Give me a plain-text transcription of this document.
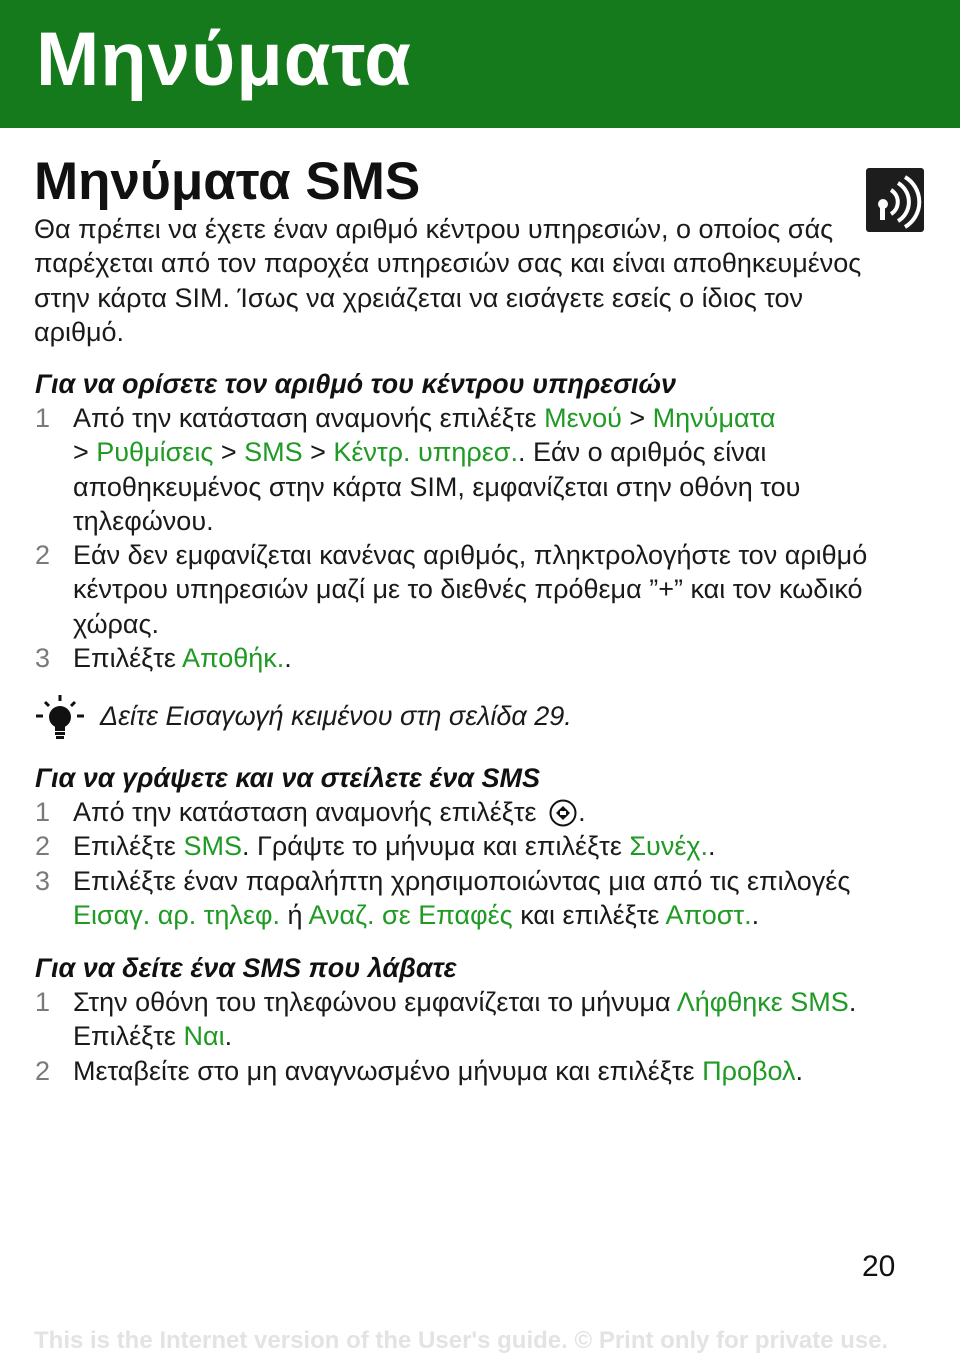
Μηνύματα
Μηνύματα SMS

Θα πρέπει να έχετε έναν αριθμό κέντρου υπηρεσιών, ο οποίος σάς παρέχεται από τον παροχέα υπηρεσιών σας και είναι αποθηκευμένος στην κάρτα SIM. Ίσως να χρειάζεται να εισάγετε εσείς ο ίδιος τον αριθμό.

Για να ορίσετε τον αριθμό του κέντρου υπηρεσιών
1 Από την κατάσταση αναμονής επιλέξτε Μενού > Μηνύματα
> Ρυθμίσεις > SMS > Κέντρ. υπηρεσ.. Εάν ο αριθμός είναι αποθηκευμένος στην κάρτα SIM, εμφανίζεται στην οθόνη του τηλεφώνου.
2 Εάν δεν εμφανίζεται κανένας αριθμός, πληκτρολογήστε τον αριθμό κέντρου υπηρεσιών μαζί με το διεθνές πρόθεμα ”+” και τον κωδικό χώρας.
3 Επιλέξτε Αποθήκ..

Δείτε Εισαγωγή κειμένου στη σελίδα 29.

Για να γράψετε και να στείλετε ένα SMS
1 Από την κατάσταση αναμονής επιλέξτε .
2 Επιλέξτε SMS. Γράψτε το μήνυμα και επιλέξτε Συνέχ..
3 Επιλέξτε έναν παραλήπτη χρησιμοποιώντας μια από τις επιλογές Εισαγ. αρ. τηλεφ. ή Αναζ. σε Επαφές και επιλέξτε Αποστ..
Για να δείτε ένα SMS που λάβατε
1 Στην οθόνη του τηλεφώνου εμφανίζεται το μήνυμα Λήφθηκε SMS. Επιλέξτε Ναι.
2 Μεταβείτε στο μη αναγνωσμένο μήνυμα και επιλέξτε Προβολ.

20

This is the Internet version of the User's guide. © Print only for private use.
